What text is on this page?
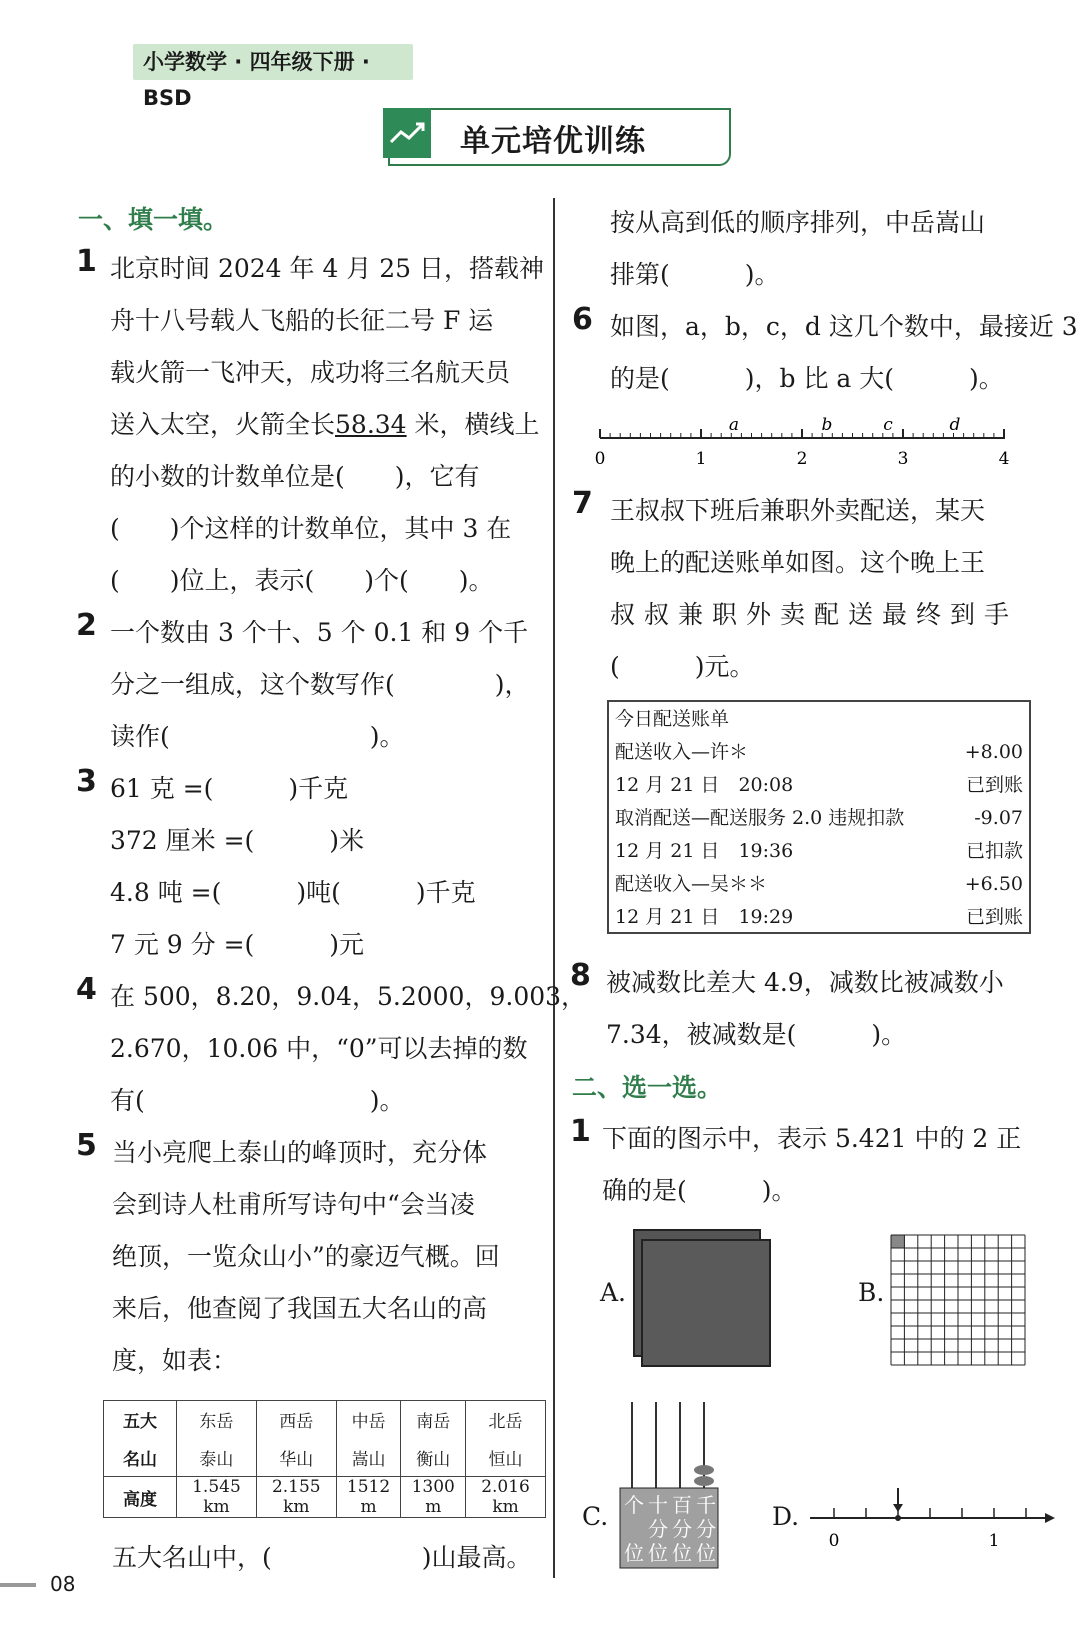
小学数学 · 四年级下册 · BSD
单元培优训练
一、填一填。
1 北京时间 2024 年 4 月 25 日，搭载神
舟十八号载人飞船的长征二号 F 运
载火箭一飞冲天，成功将三名航天员
送入太空，火箭全长58.34 米，横线上
的小数的计数单位是(　　)，它有
(　　)个这样的计数单位，其中 3 在
(　　)位上，表示(　　)个(　　)。
2 一个数由 3 个十、5 个 0.1 和 9 个千
分之一组成，这个数写作(　　　　)，
读作(　　　　　　　　)。
3 61 克 =(　　　)千克
372 厘米 =(　　　)米
4.8 吨 =(　　　)吨(　　　)千克
7 元 9 分 =(　　　)元
4 在 500，8.20，9.04，5.2000，9.003，
2.670，10.06 中，“0”可以去掉的数
有(　　　　　　　　　)。
5 当小亮爬上泰山的峰顶时，充分体
会到诗人杜甫所写诗句中“会当凌
绝顶，一览众山小”的豪迈气概。回
来后，他查阅了我国五大名山的高
度，如表：
五大	东岳	西岳	中岳	南岳	北岳
名山	泰山	华山	嵩山	衡山	恒山
高度	1.545 km	2.155 km	1512 m	1300 m	2.016 km
五大名山中，(　　　　　　)山最高。
按从高到低的顺序排列，中岳嵩山
排第(　　　)。
6 如图，a，b，c，d 这几个数中，最接近 3
的是(　　　)，b 比 a 大(　　　)。
0	1	2	3	4
a	b	c	d
7 王叔叔下班后兼职外卖配送，某天
晚上的配送账单如图。这个晚上王
叔叔兼职外卖配送最终到手
(　　　)元。
今日配送账单
配送收入—许＊	+8.00
12 月 21 日　20:08	已到账
取消配送—配送服务 2.0 违规扣款	-9.07
12 月 21 日　19:36	已扣款
配送收入—吴＊＊	+6.50
12 月 21 日　19:29	已到账
8 被减数比差大 4.9，减数比被减数小
7.34，被减数是(　　　)。
二、选一选。
1 下面的图示中，表示 5.421 中的 2 正
确的是(　　　)。
A.	B.
C. 个 十 百 千
分 分 分
位 位 位 位
D.
0	1
08
